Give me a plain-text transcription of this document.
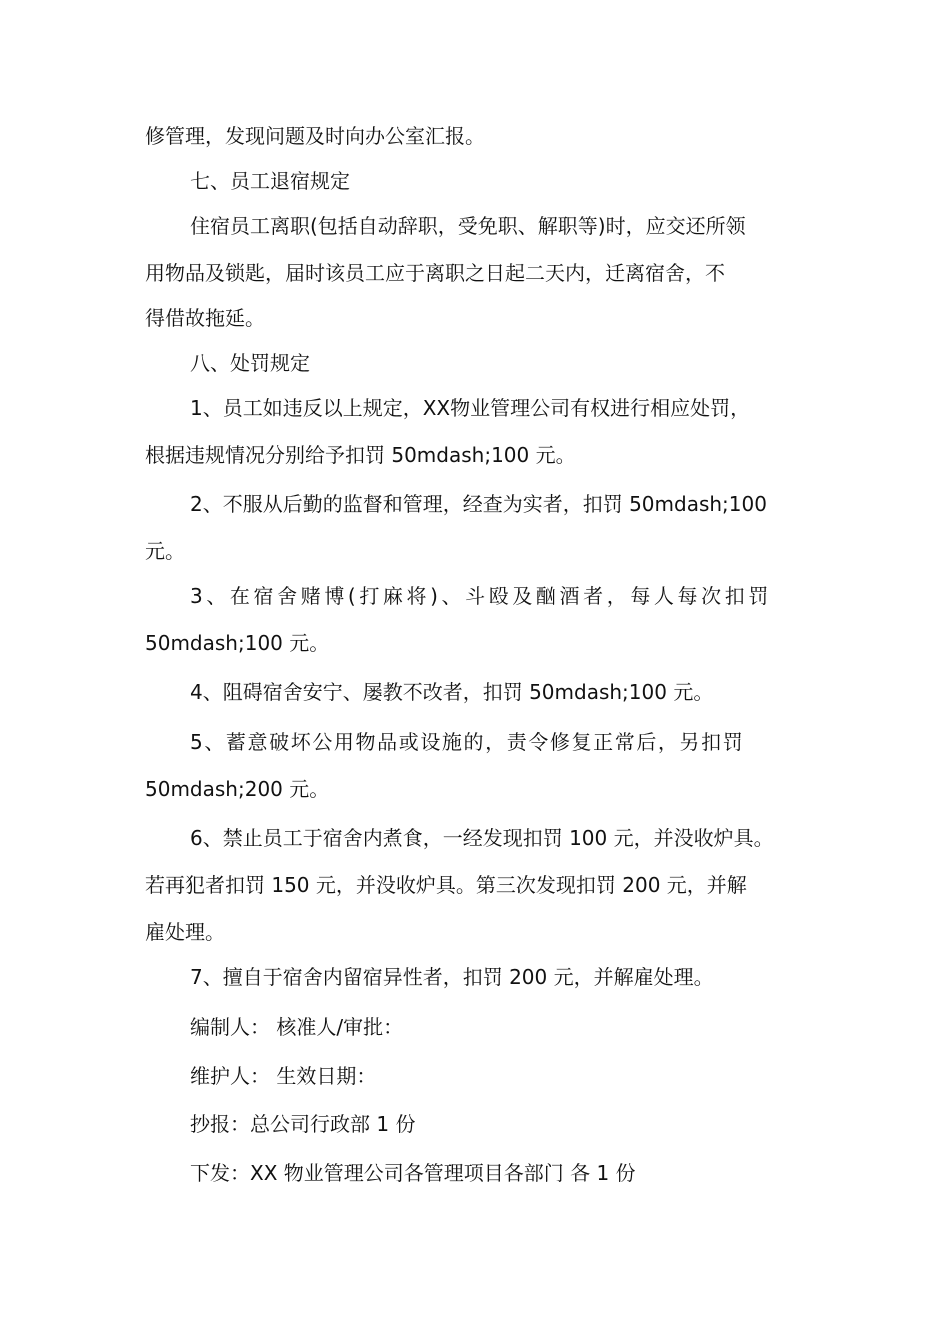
修管理，发现问题及时向办公室汇报。
七、员工退宿规定
住宿员工离职(包括自动辞职，受免职、解职等)时，应交还所领
用物品及锁匙，届时该员工应于离职之日起二天内，迁离宿舍，不
得借故拖延。
八、处罚规定
1、员工如违反以上规定，XX物业管理公司有权进行相应处罚，
根据违规情况分别给予扣罚 50mdash;100 元。
2、不服从后勤的监督和管理，经查为实者，扣罚 50mdash;100
元。
3、在宿舍赌博(打麻将)、斗殴及酗酒者，每人每次扣罚
50mdash;100 元。
4、阻碍宿舍安宁、屡教不改者，扣罚 50mdash;100 元。
5、蓄意破坏公用物品或设施的，责令修复正常后，另扣罚
50mdash;200 元。
6、禁止员工于宿舍内煮食，一经发现扣罚 100 元，并没收炉具。
若再犯者扣罚 150 元，并没收炉具。第三次发现扣罚 200 元，并解
雇处理。
7、擅自于宿舍内留宿异性者，扣罚 200 元，并解雇处理。
编制人： 核准人/审批：
维护人： 生效日期：
抄报：总公司行政部 1 份
下发：XX 物业管理公司各管理项目各部门 各 1 份
